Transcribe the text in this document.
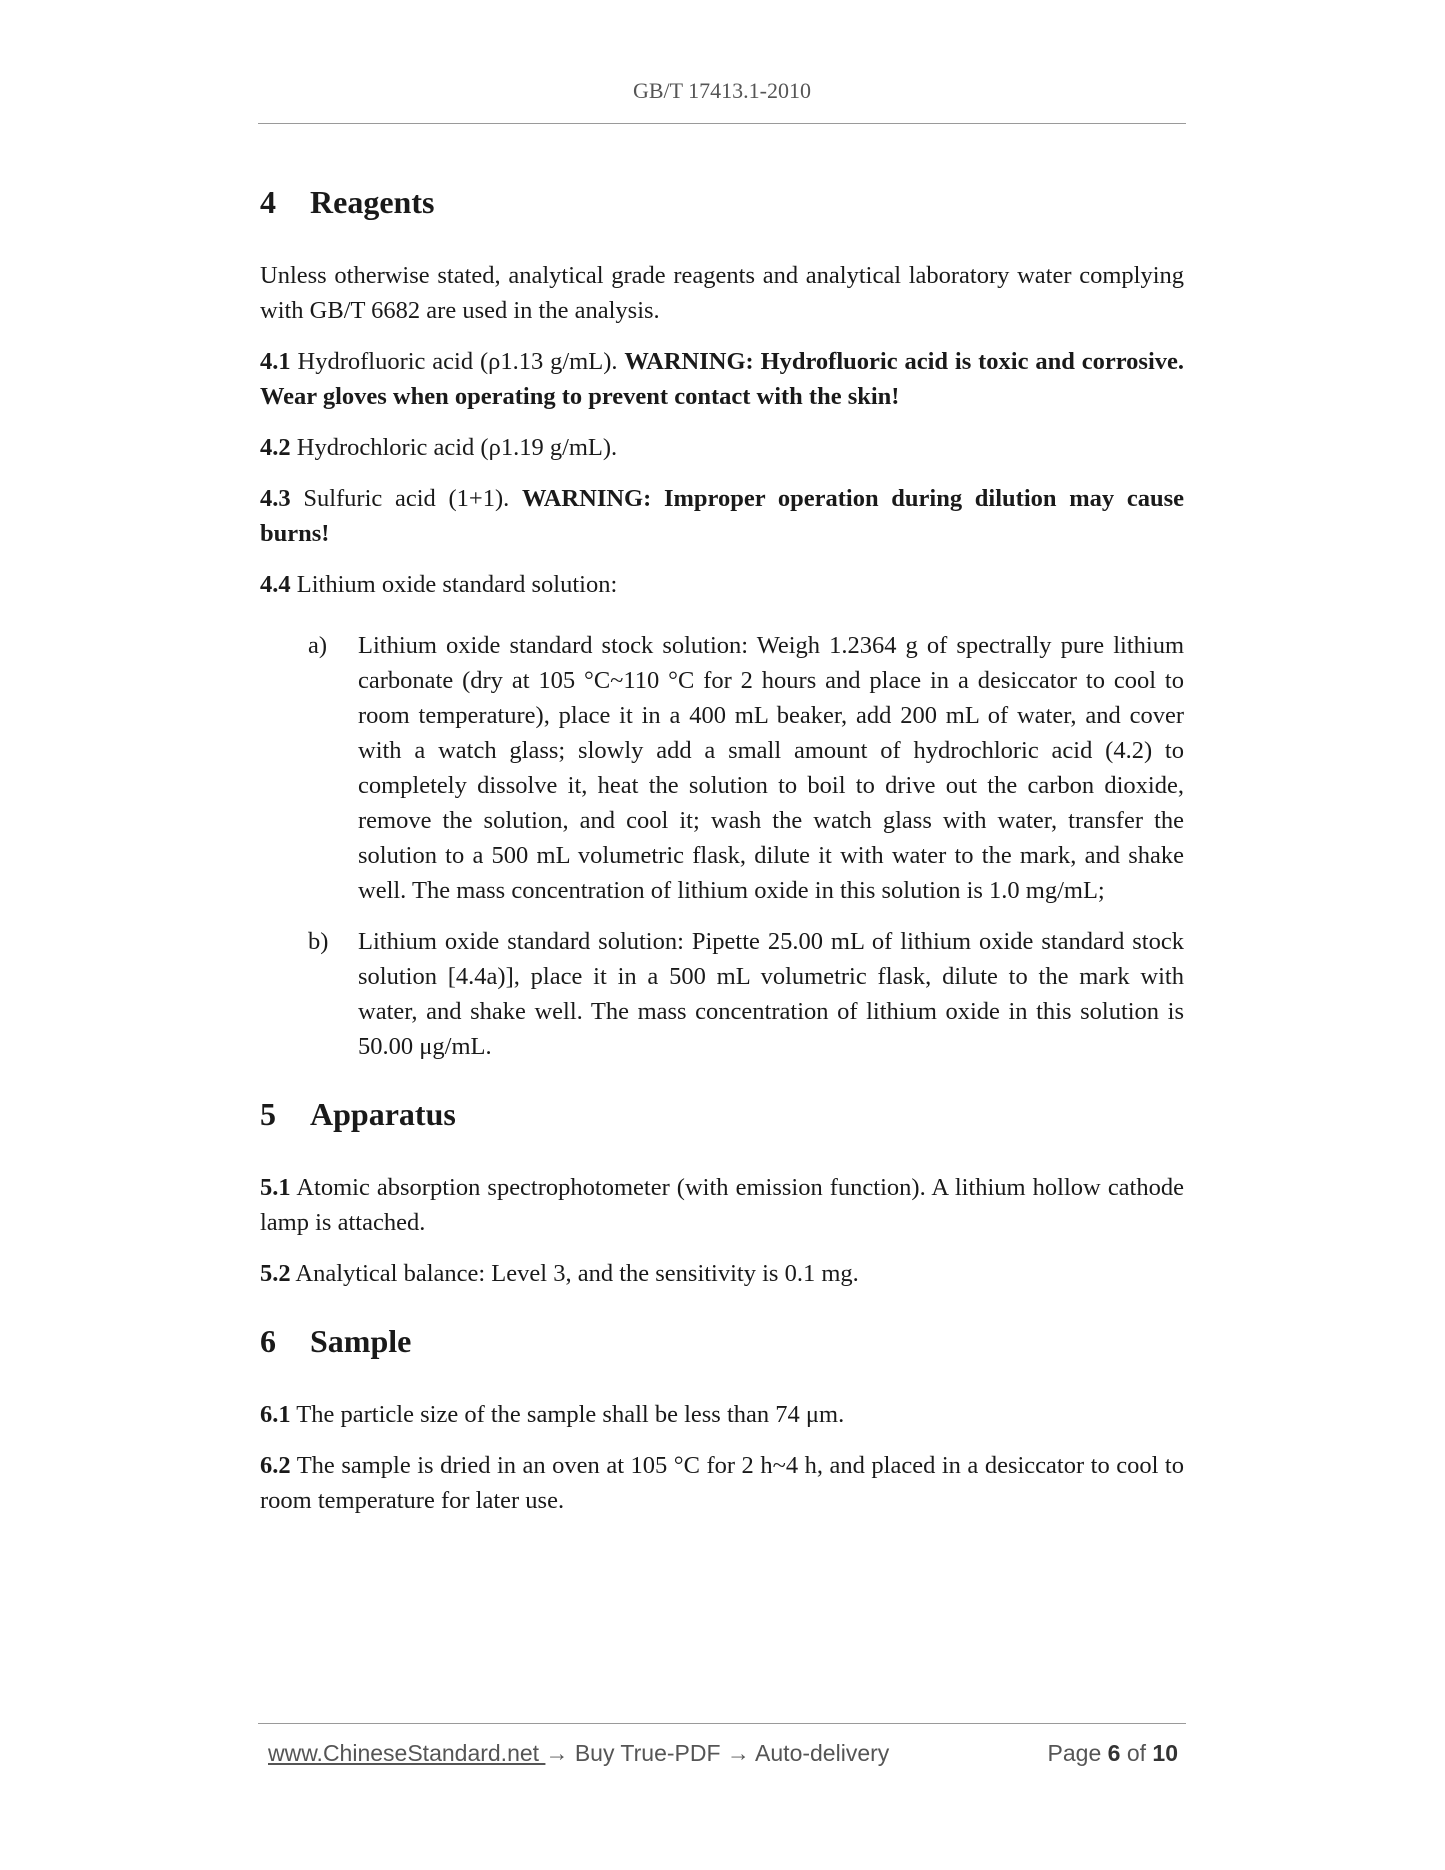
GB/T 17413.1-2010
4 Reagents

Unless otherwise stated, analytical grade reagents and analytical laboratory water complying with GB/T 6682 are used in the analysis.

4.1 Hydrofluoric acid (ρ1.13 g/mL). WARNING: Hydrofluoric acid is toxic and corrosive. Wear gloves when operating to prevent contact with the skin!

4.2 Hydrochloric acid (ρ1.19 g/mL).

4.3 Sulfuric acid (1+1). WARNING: Improper operation during dilution may cause burns!

4.4 Lithium oxide standard solution:

a)	Lithium oxide standard stock solution: Weigh 1.2364 g of spectrally pure lithium carbonate (dry at 105 °C~110 °C for 2 hours and place in a desiccator to cool to room temperature), place it in a 400 mL beaker, add 200 mL of water, and cover with a watch glass; slowly add a small amount of hydrochloric acid (4.2) to completely dissolve it, heat the solution to boil to drive out the carbon dioxide, remove the solution, and cool it; wash the watch glass with water, transfer the solution to a 500 mL volumetric flask, dilute it with water to the mark, and shake well. The mass concentration of lithium oxide in this solution is 1.0 mg/mL;

b)	Lithium oxide standard solution: Pipette 25.00 mL of lithium oxide standard stock solution [4.4a)], place it in a 500 mL volumetric flask, dilute to the mark with water, and shake well. The mass concentration of lithium oxide in this solution is 50.00 μg/mL.

5 Apparatus

5.1 Atomic absorption spectrophotometer (with emission function). A lithium hollow cathode lamp is attached.

5.2 Analytical balance: Level 3, and the sensitivity is 0.1 mg.

6 Sample

6.1 The particle size of the sample shall be less than 74 μm.

6.2 The sample is dried in an oven at 105 °C for 2 h~4 h, and placed in a desiccator to cool to room temperature for later use.

www.ChineseStandard.net → Buy True-PDF → Auto-delivery	Page 6 of 10
